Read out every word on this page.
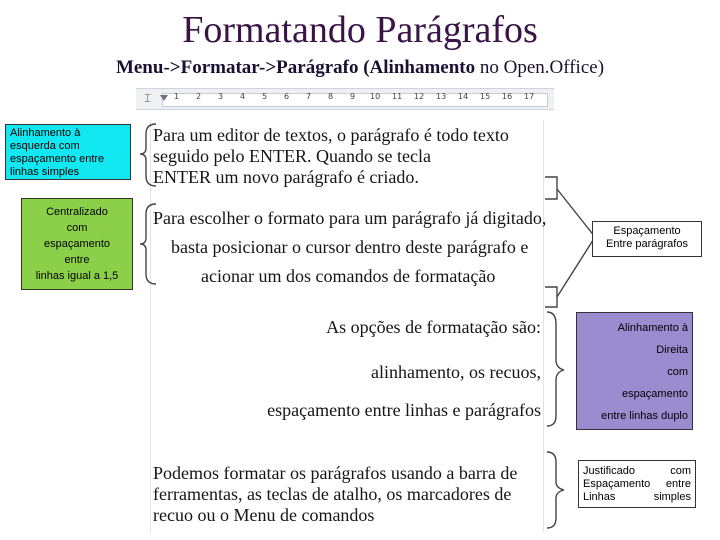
Formatando Parágrafos
Menu->Formatar->Parágrafo (Alinhamento no Open.Office)
⌶	1 2 3 4 5 6 7 8 9 10 11 12 13 14 15 16 17
Para um editor de textos, o parágrafo é todo texto
seguido pelo ENTER. Quando se tecla
ENTER um novo parágrafo é criado.
Para escolher o formato para um parágrafo já digitado,
basta posicionar o cursor dentro deste parágrafo e
acionar um dos comandos de formatação
As opções de formatação são:
alinhamento, os recuos,
espaçamento entre linhas e parágrafos
Podemos formatar os parágrafos usando a barra de
ferramentas, as teclas de atalho, os marcadores de
recuo ou o Menu de comandos
Alinhamento à
esquerda com
espaçamento entre
linhas simples
Centralizado
com
espaçamento
entre
linhas igual a 1,5
Espaçamento
Entre parágrafos
Alinhamento à
Direita
com
espaçamento
entre linhas duplo
Justificado com
Espaçamento entre
Linhas simples
